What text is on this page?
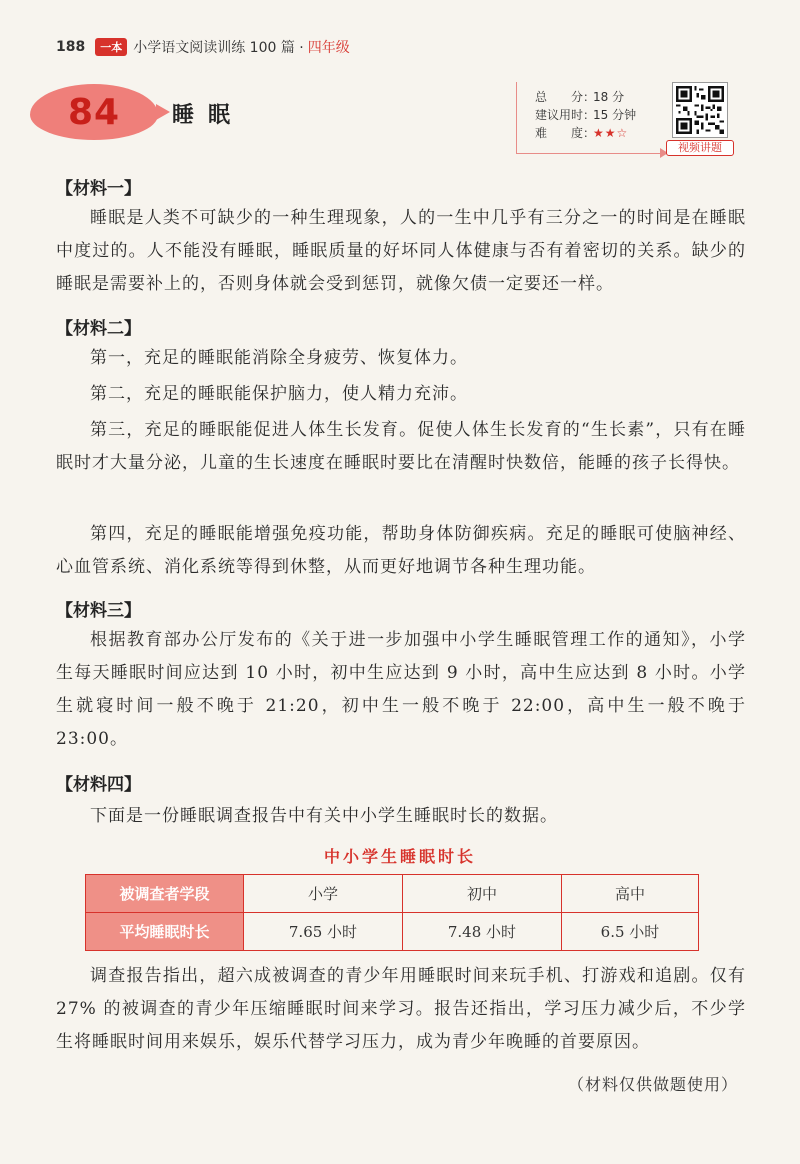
188	一本 小学语文阅读训练 100 篇 · 四年级
84 睡眠
总　　分：18 分
建议用时：15 分钟
难　　度：★★☆
视频讲题
【材料一】

睡眠是人类不可缺少的一种生理现象，人的一生中几乎有三分之一的时间是在睡眠中度过的。人不能没有睡眠，睡眠质量的好坏同人体健康与否有着密切的关系。缺少的睡眠是需要补上的，否则身体就会受到惩罚，就像欠债一定要还一样。

【材料二】

第一，充足的睡眠能消除全身疲劳、恢复体力。

第二，充足的睡眠能保护脑力，使人精力充沛。

第三，充足的睡眠能促进人体生长发育。促使人体生长发育的“生长素”，只有在睡眠时才大量分泌，儿童的生长速度在睡眠时要比在清醒时快数倍，能睡的孩子长得快。

第四，充足的睡眠能增强免疫功能，帮助身体防御疾病。充足的睡眠可使脑神经、心血管系统、消化系统等得到休整，从而更好地调节各种生理功能。

【材料三】

根据教育部办公厅发布的《关于进一步加强中小学生睡眠管理工作的通知》，小学生每天睡眠时间应达到 10 小时，初中生应达到 9 小时，高中生应达到 8 小时。小学生就寝时间一般不晚于 21:20，初中生一般不晚于 22:00，高中生一般不晚于 23:00。

【材料四】

下面是一份睡眠调查报告中有关中小学生睡眠时长的数据。

中小学生睡眠时长
被调查者学段	小学	初中	高中
平均睡眠时长	7.65 小时	7.48 小时	6.5 小时

调查报告指出，超六成被调查的青少年用睡眠时间来玩手机、打游戏和追剧。仅有 27% 的被调查的青少年压缩睡眠时间来学习。报告还指出，学习压力减少后，不少学生将睡眠时间用来娱乐，娱乐代替学习压力，成为青少年晚睡的首要原因。

（材料仅供做题使用）
